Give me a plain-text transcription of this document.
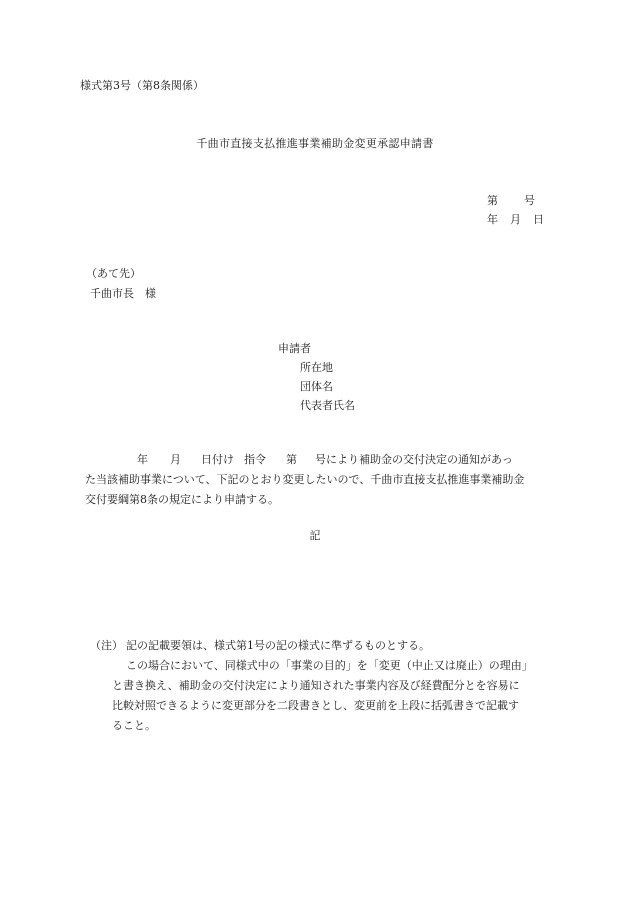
様式第3号（第8条関係）
千曲市直接支払推進事業補助金変更承認申請書
第 号
年 月 日
（あて先）
千曲市長　様
申請者
所在地
団体名
代表者氏名
年 月 日付け 指令 第 号により補助金の交付決定の通知があっ
た当該補助事業について、下記のとおり変更したいので、千曲市直接支払推進事業補助金
交付要綱第8条の規定により申請する。
記
（注） 記の記載要領は、様式第1号の記の様式に準ずるものとする。
この場合において、同様式中の「事業の目的」を「変更（中止又は廃止）の理由」
と書き換え、補助金の交付決定により通知された事業内容及び経費配分とを容易に
比較対照できるように変更部分を二段書きとし、変更前を上段に括弧書きで記載す
ること。
